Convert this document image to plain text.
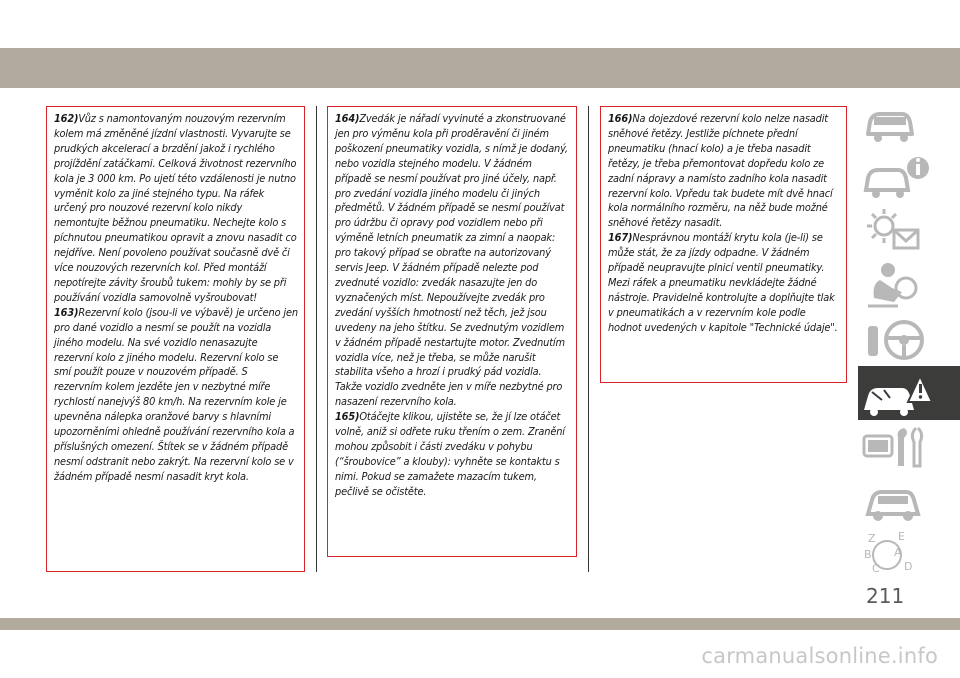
162)Vůz s namontovaným nouzovým rezervním kolem má změněné jízdní vlastnosti. Vyvarujte se prudkých akcelerací a brzdění jakož i rychlého projíždění zatáčkami. Celková životnost rezervního kola je 3 000 km. Po ujetí této vzdálenosti je nutno vyměnit kolo za jiné stejného typu. Na ráfek určený pro nouzové rezervní kolo nikdy nemontujte běžnou pneumatiku. Nechejte kolo s píchnutou pneumatikou opravit a znovu nasadit co nejdříve. Není povoleno používat současně dvě či více nouzových rezervních kol. Před montáží nepotírejte závity šroubů tukem: mohly by se při používání vozidla samovolně vyšroubovat!

163)Rezervní kolo (jsou-li ve výbavě) je určeno jen pro dané vozidlo a nesmí se použít na vozidla jiného modelu. Na své vozidlo nenasazujte rezervní kolo z jiného modelu. Rezervní kolo se smí použít pouze v nouzovém případě. S rezervním kolem jezděte jen v nezbytné míře rychlostí nanejvýš 80 km/h. Na rezervním kole je upevněna nálepka oranžové barvy s hlavními upozorněními ohledně používání rezervního kola a příslušných omezení. Štítek se v žádném případě nesmí odstranit nebo zakrýt. Na rezervní kolo se v žádném případě nesmí nasadit kryt kola.

164)Zvedák je nářadí vyvinuté a zkonstruované jen pro výměnu kola při proděravění či jiném poškození pneumatiky vozidla, s nímž je dodaný, nebo vozidla stejného modelu. V žádném případě se nesmí používat pro jiné účely, např. pro zvedání vozidla jiného modelu či jiných předmětů. V žádném případě se nesmí používat pro údržbu či opravy pod vozidlem nebo při výměně letních pneumatik za zimní a naopak: pro takový případ se obraťte na autorizovaný servis Jeep. V žádném případě nelezte pod zvednuté vozidlo: zvedák nasazujte jen do vyznačených míst. Nepoužívejte zvedák pro zvedání vyšších hmotností než těch, jež jsou uvedeny na jeho štítku. Se zvednutým vozidlem v žádném případě nestartujte motor. Zvednutím vozidla více, než je třeba, se může narušit stabilita všeho a hrozí i prudký pád vozidla. Takže vozidlo zvedněte jen v míře nezbytné pro nasazení rezervního kola.

165)Otáčejte klikou, ujistěte se, že jí lze otáčet volně, aniž si odřete ruku třením o zem. Zranění mohou způsobit i části zvedáku v pohybu (“šroubovice” a klouby): vyhněte se kontaktu s nimi. Pokud se zamažete mazacím tukem, pečlivě se očistěte.

166)Na dojezdové rezervní kolo nelze nasadit sněhové řetězy. Jestliže píchnete přední pneumatiku (hnací kolo) a je třeba nasadit řetězy, je třeba přemontovat dopředu kolo ze zadní nápravy a namísto zadního kola nasadit rezervní kolo. Vpředu tak budete mít dvě hnací kola normálního rozměru, na něž bude možné sněhové řetězy nasadit.

167)Nesprávnou montáží krytu kola (je-li) se může stát, že za jízdy odpadne. V žádném případě neupravujte plnicí ventil pneumatiky. Mezi ráfek a pneumatiku nevkládejte žádné nástroje. Pravidelně kontrolujte a doplňujte tlak v pneumatikách a v rezervním kole podle hodnot uvedených v kapitole "Technické údaje".

Z E
B A
C D
211
carmanualsonline.info
